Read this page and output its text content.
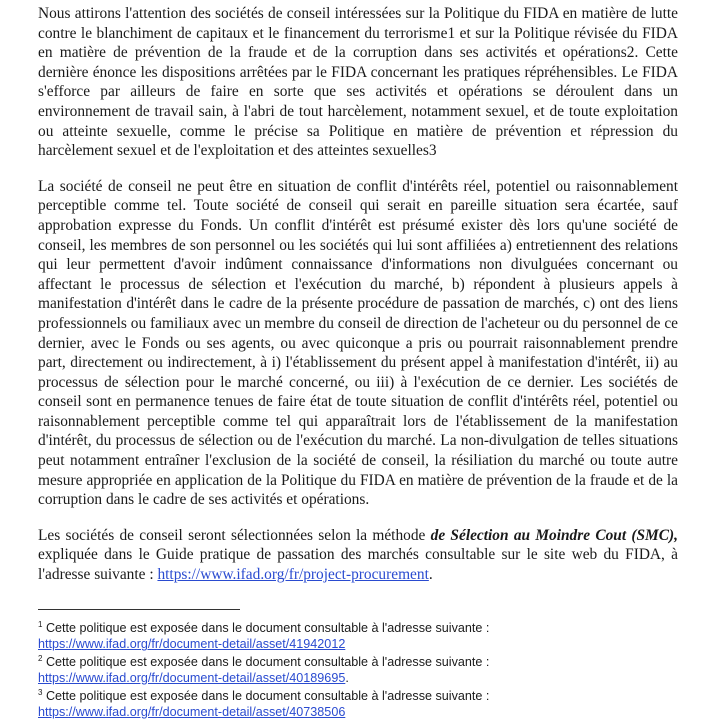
Nous attirons l'attention des sociétés de conseil intéressées sur la Politique du FIDA en matière de lutte contre le blanchiment de capitaux et le financement du terrorisme1 et sur la Politique révisée du FIDA en matière de prévention de la fraude et de la corruption dans ses activités et opérations2. Cette dernière énonce les dispositions arrêtées par le FIDA concernant les pratiques répréhensibles. Le FIDA s'efforce par ailleurs de faire en sorte que ses activités et opérations se déroulent dans un environnement de travail sain, à l'abri de tout harcèlement, notamment sexuel, et de toute exploitation ou atteinte sexuelle, comme le précise sa Politique en matière de prévention et répression du harcèlement sexuel et de l'exploitation et des atteintes sexuelles3

La société de conseil ne peut être en situation de conflit d'intérêts réel, potentiel ou raisonnablement perceptible comme tel. Toute société de conseil qui serait en pareille situation sera écartée, sauf approbation expresse du Fonds. Un conflit d'intérêt est présumé exister dès lors qu'une société de conseil, les membres de son personnel ou les sociétés qui lui sont affiliées a) entretiennent des relations qui leur permettent d'avoir indûment connaissance d'informations non divulguées concernant ou affectant le processus de sélection et l'exécution du marché, b) répondent à plusieurs appels à manifestation d'intérêt dans le cadre de la présente procédure de passation de marchés, c) ont des liens professionnels ou familiaux avec un membre du conseil de direction de l'acheteur ou du personnel de ce dernier, avec le Fonds ou ses agents, ou avec quiconque a pris ou pourrait raisonnablement prendre part, directement ou indirectement, à i) l'établissement du présent appel à manifestation d'intérêt, ii) au processus de sélection pour le marché concerné, ou iii) à l'exécution de ce dernier. Les sociétés de conseil sont en permanence tenues de faire état de toute situation de conflit d'intérêts réel, potentiel ou raisonnablement perceptible comme tel qui apparaîtrait lors de l'établissement de la manifestation d'intérêt, du processus de sélection ou de l'exécution du marché. La non-divulgation de telles situations peut notamment entraîner l'exclusion de la société de conseil, la résiliation du marché ou toute autre mesure appropriée en application de la Politique du FIDA en matière de prévention de la fraude et de la corruption dans le cadre de ses activités et opérations.

Les sociétés de conseil seront sélectionnées selon la méthode de Sélection au Moindre Cout (SMC), expliquée dans le Guide pratique de passation des marchés consultable sur le site web du FIDA, à l'adresse suivante : https://www.ifad.org/fr/project-procurement.

$^1$ Cette politique est exposée dans le document consultable à l'adresse suivante :
https://www.ifad.org/fr/document-detail/asset/41942012
$^2$ Cette politique est exposée dans le document consultable à l'adresse suivante :
https://www.ifad.org/fr/document-detail/asset/40189695.
$^3$ Cette politique est exposée dans le document consultable à l'adresse suivante :
https://www.ifad.org/fr/document-detail/asset/40738506
